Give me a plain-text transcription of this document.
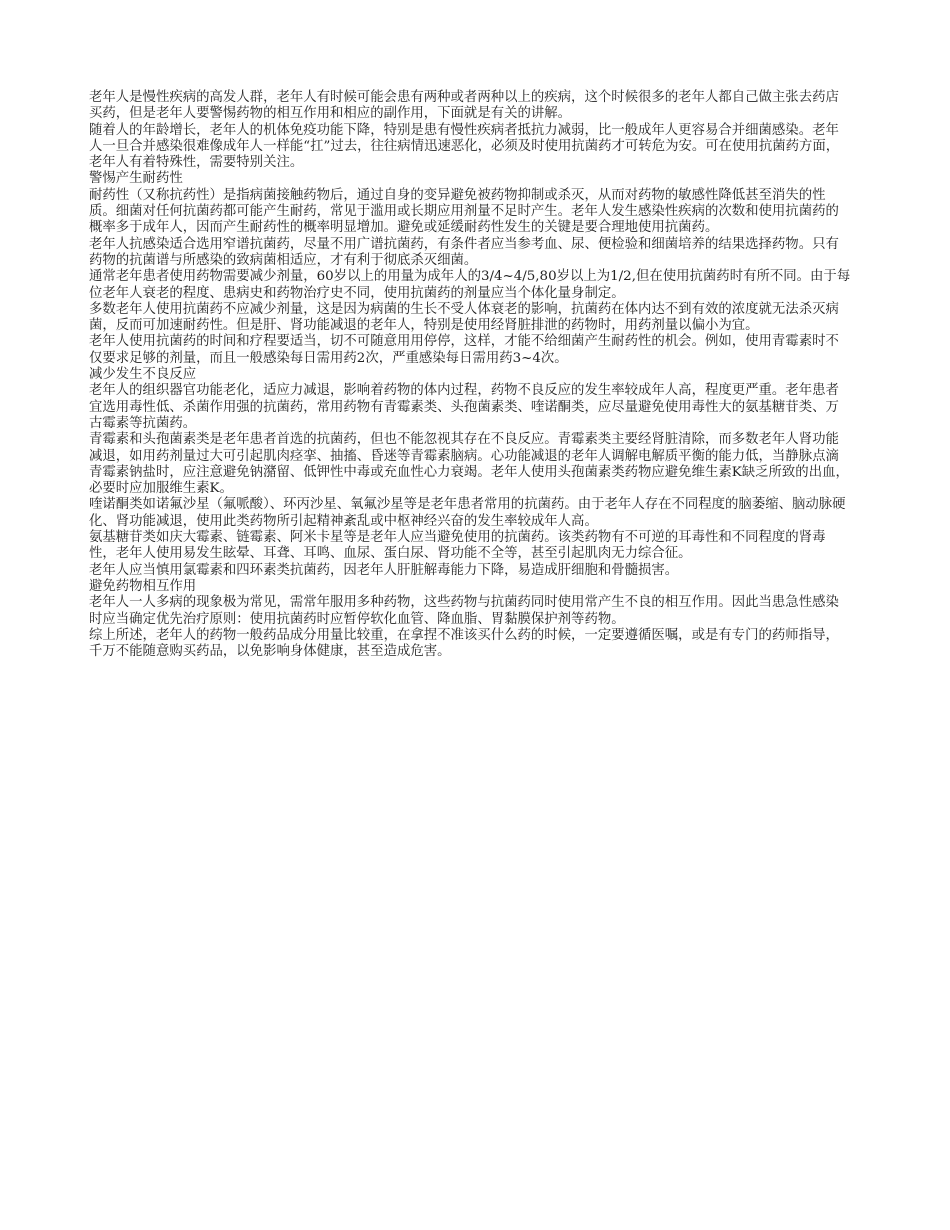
老年人是慢性疾病的高发人群，老年人有时候可能会患有两种或者两种以上的疾病，这个时候很多的老年人都自己做主张去药店买药，但是老年人要警惕药物的相互作用和相应的副作用，下面就是有关的讲解。

随着人的年龄增长，老年人的机体免疫功能下降，特别是患有慢性疾病者抵抗力减弱，比一般成年人更容易合并细菌感染。老年人一旦合并感染很难像成年人一样能“扛”过去，往往病情迅速恶化，必须及时使用抗菌药才可转危为安。可在使用抗菌药方面，老年人有着特殊性，需要特别关注。

警惕产生耐药性

耐药性（又称抗药性）是指病菌接触药物后，通过自身的变异避免被药物抑制或杀灭，从而对药物的敏感性降低甚至消失的性质。细菌对任何抗菌药都可能产生耐药，常见于滥用或长期应用剂量不足时产生。老年人发生感染性疾病的次数和使用抗菌药的概率多于成年人，因而产生耐药性的概率明显增加。避免或延缓耐药性发生的关键是要合理地使用抗菌药。

老年人抗感染适合选用窄谱抗菌药，尽量不用广谱抗菌药，有条件者应当参考血、尿、便检验和细菌培养的结果选择药物。只有药物的抗菌谱与所感染的致病菌相适应，才有利于彻底杀灭细菌。

通常老年患者使用药物需要减少剂量，60岁以上的用量为成年人的3/4~4/5,80岁以上为1/2,但在使用抗菌药时有所不同。由于每位老年人衰老的程度、患病史和药物治疗史不同，使用抗菌药的剂量应当个体化量身制定。

多数老年人使用抗菌药不应减少剂量，这是因为病菌的生长不受人体衰老的影响，抗菌药在体内达不到有效的浓度就无法杀灭病菌，反而可加速耐药性。但是肝、肾功能减退的老年人，特别是使用经肾脏排泄的药物时，用药剂量以偏小为宜。

老年人使用抗菌药的时间和疗程要适当，切不可随意用用停停，这样，才能不给细菌产生耐药性的机会。例如，使用青霉素时不仅要求足够的剂量，而且一般感染每日需用药2次，严重感染每日需用药3~4次。

减少发生不良反应

老年人的组织器官功能老化，适应力减退，影响着药物的体内过程，药物不良反应的发生率较成年人高，程度更严重。老年患者宜选用毒性低、杀菌作用强的抗菌药，常用药物有青霉素类、头孢菌素类、喹诺酮类，应尽量避免使用毒性大的氨基糖苷类、万古霉素等抗菌药。

青霉素和头孢菌素类是老年患者首选的抗菌药，但也不能忽视其存在不良反应。青霉素类主要经肾脏清除，而多数老年人肾功能减退，如用药剂量过大可引起肌肉痉挛、抽搐、昏迷等青霉素脑病。心功能减退的老年人调解电解质平衡的能力低，当静脉点滴青霉素钠盐时，应注意避免钠潴留、低钾性中毒或充血性心力衰竭。老年人使用头孢菌素类药物应避免维生素K缺乏所致的出血，必要时应加服维生素K。

喹诺酮类如诺氟沙星（氟哌酸）、环丙沙星、氧氟沙星等是老年患者常用的抗菌药。由于老年人存在不同程度的脑萎缩、脑动脉硬化、肾功能减退，使用此类药物所引起精神紊乱或中枢神经兴奋的发生率较成年人高。

氨基糖苷类如庆大霉素、链霉素、阿米卡星等是老年人应当避免使用的抗菌药。该类药物有不可逆的耳毒性和不同程度的肾毒性，老年人使用易发生眩晕、耳聋、耳鸣、血尿、蛋白尿、肾功能不全等，甚至引起肌肉无力综合征。

老年人应当慎用氯霉素和四环素类抗菌药，因老年人肝脏解毒能力下降，易造成肝细胞和骨髓损害。

避免药物相互作用

老年人一人多病的现象极为常见，需常年服用多种药物，这些药物与抗菌药同时使用常产生不良的相互作用。因此当患急性感染时应当确定优先治疗原则：使用抗菌药时应暂停软化血管、降血脂、胃黏膜保护剂等药物。

综上所述，老年人的药物一般药品成分用量比较重，在拿捏不准该买什么药的时候，一定要遵循医嘱，或是有专门的药师指导，千万不能随意购买药品，以免影响身体健康，甚至造成危害。
